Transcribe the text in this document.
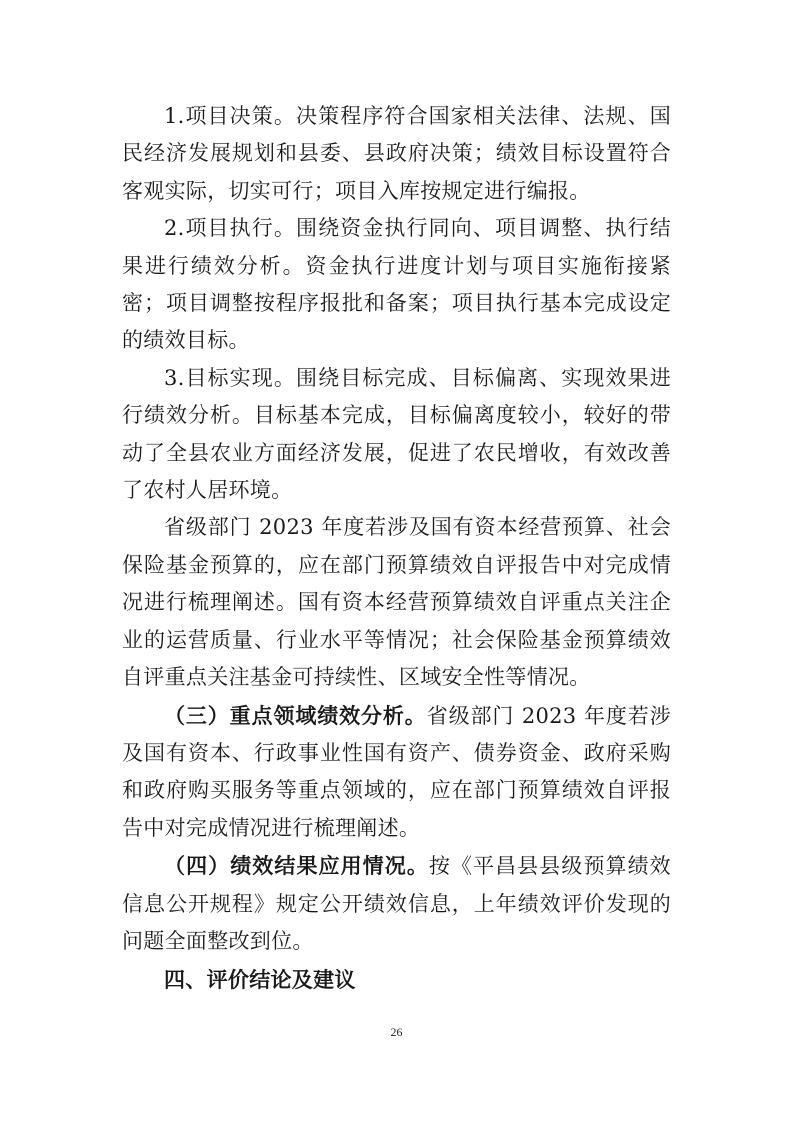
1.项目决策。决策程序符合国家相关法律、法规、国民经济发展规划和县委、县政府决策；绩效目标设置符合客观实际，切实可行；项目入库按规定进行编报。

2.项目执行。围绕资金执行同向、项目调整、执行结果进行绩效分析。资金执行进度计划与项目实施衔接紧密；项目调整按程序报批和备案；项目执行基本完成设定的绩效目标。

3.目标实现。围绕目标完成、目标偏离、实现效果进行绩效分析。目标基本完成，目标偏离度较小，较好的带动了全县农业方面经济发展，促进了农民增收，有效改善了农村人居环境。

省级部门 2023 年度若涉及国有资本经营预算、社会保险基金预算的，应在部门预算绩效自评报告中对完成情况进行梳理阐述。国有资本经营预算绩效自评重点关注企业的运营质量、行业水平等情况；社会保险基金预算绩效自评重点关注基金可持续性、区域安全性等情况。

（三）重点领域绩效分析。省级部门 2023 年度若涉及国有资本、行政事业性国有资产、债券资金、政府采购和政府购买服务等重点领域的，应在部门预算绩效自评报告中对完成情况进行梳理阐述。

（四）绩效结果应用情况。按《平昌县县级预算绩效信息公开规程》规定公开绩效信息，上年绩效评价发现的问题全面整改到位。

四、评价结论及建议

26
